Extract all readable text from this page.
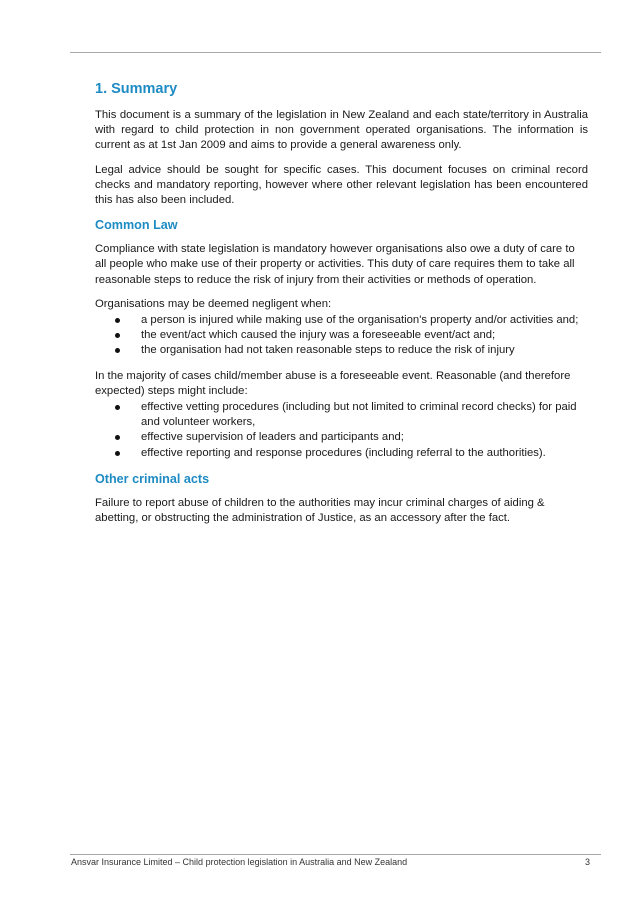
1. Summary

This document is a summary of the legislation in New Zealand and each state/territory in Australia with regard to child protection in non government operated organisations. The information is current as at 1st Jan 2009 and aims to provide a general awareness only.

Legal advice should be sought for specific cases. This document focuses on criminal record checks and mandatory reporting, however where other relevant legislation has been encountered this has also been included.

Common Law

Compliance with state legislation is mandatory however organisations also owe a duty of care to all people who make use of their property or activities. This duty of care requires them to take all reasonable steps to reduce the risk of injury from their activities or methods of operation.

Organisations may be deemed negligent when:

a person is injured while making use of the organisation's property and/or activities and;
the event/act which caused the injury was a foreseeable event/act and;
the organisation had not taken reasonable steps to reduce the risk of injury

In the majority of cases child/member abuse is a foreseeable event. Reasonable (and therefore expected) steps might include:

effective vetting procedures (including but not limited to criminal record checks) for paid and volunteer workers,
effective supervision of leaders and participants and;
effective reporting and response procedures (including referral to the authorities).
Other criminal acts

Failure to report abuse of children to the authorities may incur criminal charges of aiding & abetting, or obstructing the administration of Justice, as an accessory after the fact.

Ansvar Insurance Limited – Child protection legislation in Australia and New Zealand	3
